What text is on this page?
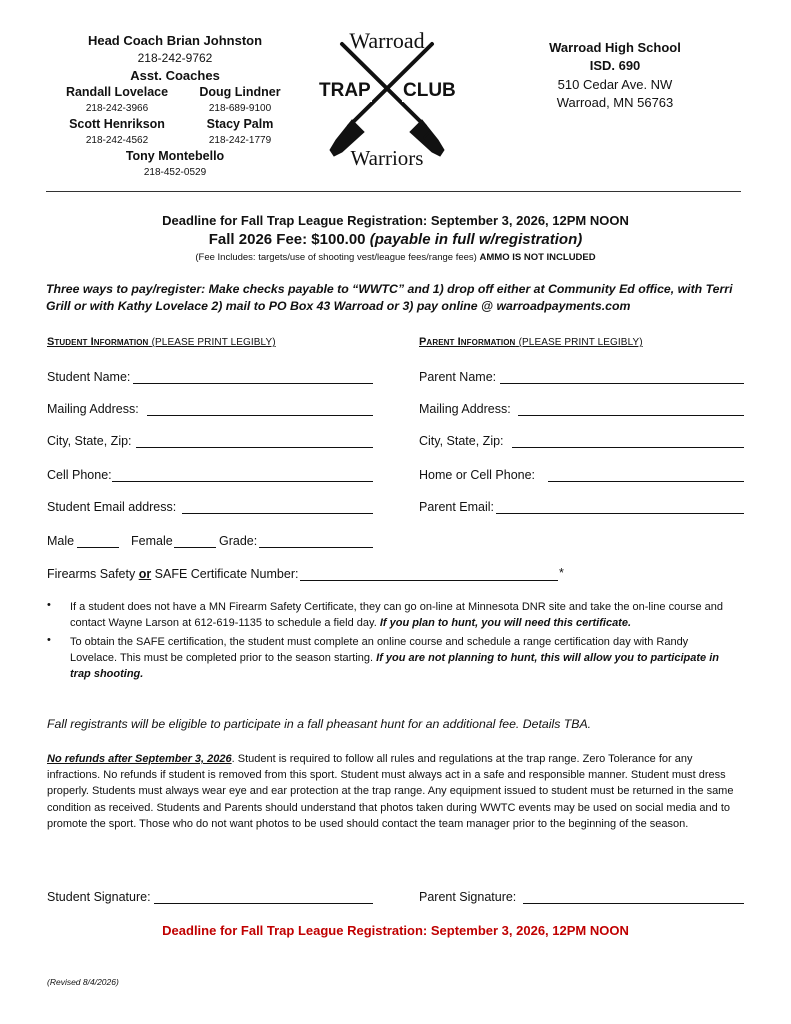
Head Coach Brian Johnston
218-242-9762
Asst. Coaches
Randall Lovelace
218-242-3966
Doug Lindner
218-689-9100
Scott Henrikson
218-242-4562
Stacy Palm
218-242-1779
Tony Montebello
218-452-0529
Warroad
TRAP CLUB
Warriors
Warroad High School
ISD. 690
510 Cedar Ave. NW
Warroad, MN 56763
Deadline for Fall Trap League Registration: September 3, 2026, 12PM NOON
Fall 2026 Fee: $100.00 (payable in full w/registration)
(Fee Includes: targets/use of shooting vest/league fees/range fees) AMMO IS NOT INCLUDED
Three ways to pay/register: Make checks payable to “WWTC” and 1) drop off either at Community Ed office, with Terri Grill or with Kathy Lovelace 2) mail to PO Box 43 Warroad or 3) pay online @ warroadpayments.com
Student Information (PLEASE PRINT LEGIBLY)	Parent Information (PLEASE PRINT LEGIBLY)
Student Name:
Mailing Address:
City, State, Zip:
Cell Phone:
Student Email address:
Parent Name:
Mailing Address:
City, State, Zip:
Home or Cell Phone:
Parent Email:
Male	Female	Grade:
Firearms Safety or SAFE Certificate Number:	*
• If a student does not have a MN Firearm Safety Certificate, they can go on-line at Minnesota DNR site and take the on-line course and contact Wayne Larson at 612-619-1135 to schedule a field day. If you plan to hunt, you will need this certificate.
• To obtain the SAFE certification, the student must complete an online course and schedule a range certification day with Randy Lovelace. This must be completed prior to the season starting. If you are not planning to hunt, this will allow you to participate in trap shooting.
Fall registrants will be eligible to participate in a fall pheasant hunt for an additional fee. Details TBA.
No refunds after September 3, 2026. Student is required to follow all rules and regulations at the trap range. Zero Tolerance for any infractions. No refunds if student is removed from this sport. Student must always act in a safe and responsible manner. Student must dress properly. Students must always wear eye and ear protection at the trap range. Any equipment issued to student must be returned in the same condition as received. Students and Parents should understand that photos taken during WWTC events may be used on social media and to promote the sport. Those who do not want photos to be used should contact the team manager prior to the beginning of the season.
Student Signature:	Parent Signature:
Deadline for Fall Trap League Registration: September 3, 2026, 12PM NOON
(Revised 8/4/2026)
